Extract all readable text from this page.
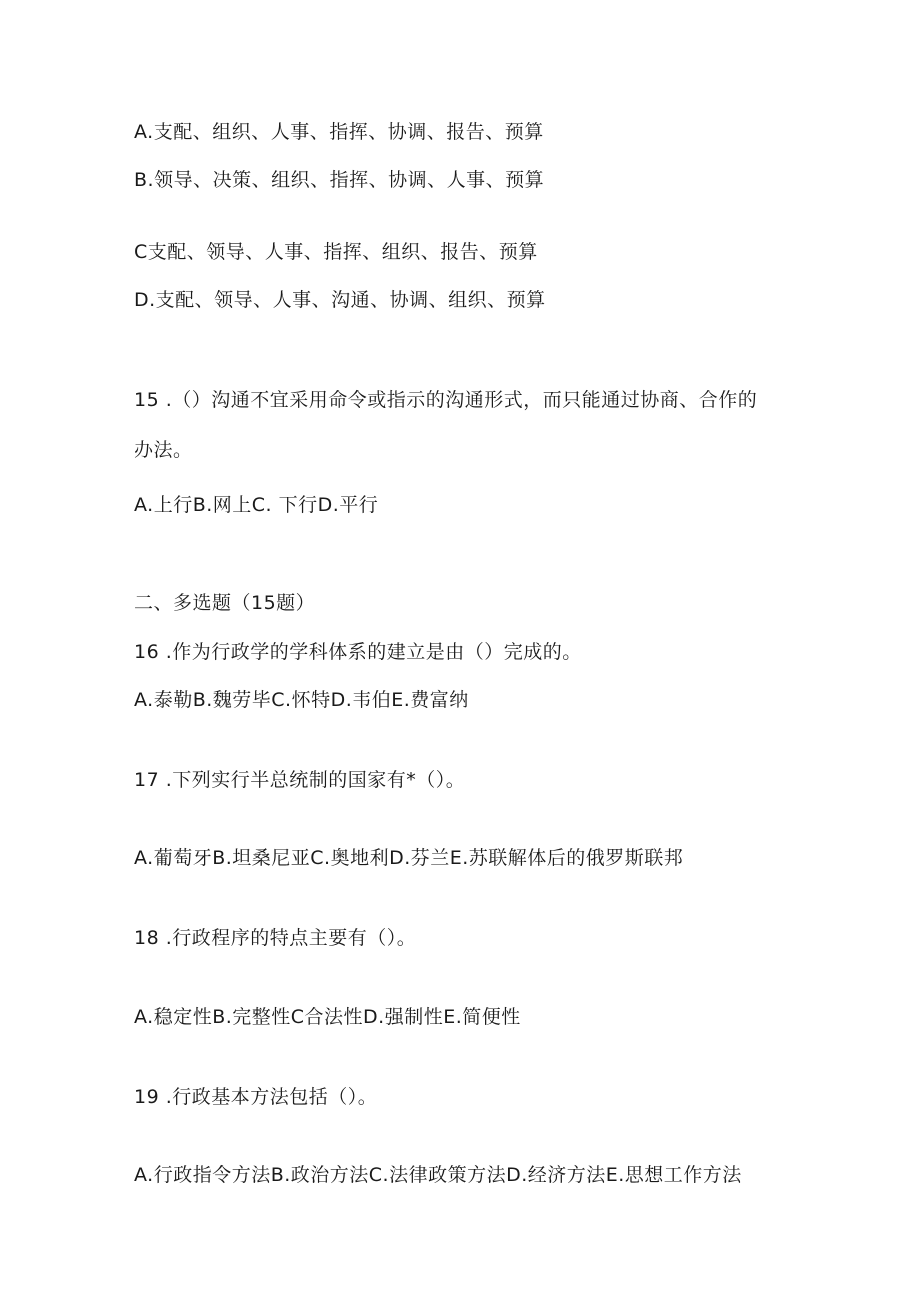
A.支配、组织、人事、指挥、协调、报告、预算
B.领导、决策、组织、指挥、协调、人事、预算
C支配、领导、人事、指挥、组织、报告、预算
D.支配、领导、人事、沟通、协调、组织、预算
15 .（）沟通不宜采用命令或指示的沟通形式，而只能通过协商、合作的
办法。
A.上行B.网上C. 下行D.平行
二、多选题（15题）
16 .作为行政学的学科体系的建立是由（）完成的。
A.泰勒B.魏劳毕C.怀特D.韦伯E.费富纳
17 .下列实行半总统制的国家有*（）。
A.葡萄牙B.坦桑尼亚C.奥地利D.芬兰E.苏联解体后的俄罗斯联邦
18 .行政程序的特点主要有（）。
A.稳定性B.完整性C合法性D.强制性E.简便性
19 .行政基本方法包括（）。
A.行政指令方法B.政治方法C.法律政策方法D.经济方法E.思想工作方法
